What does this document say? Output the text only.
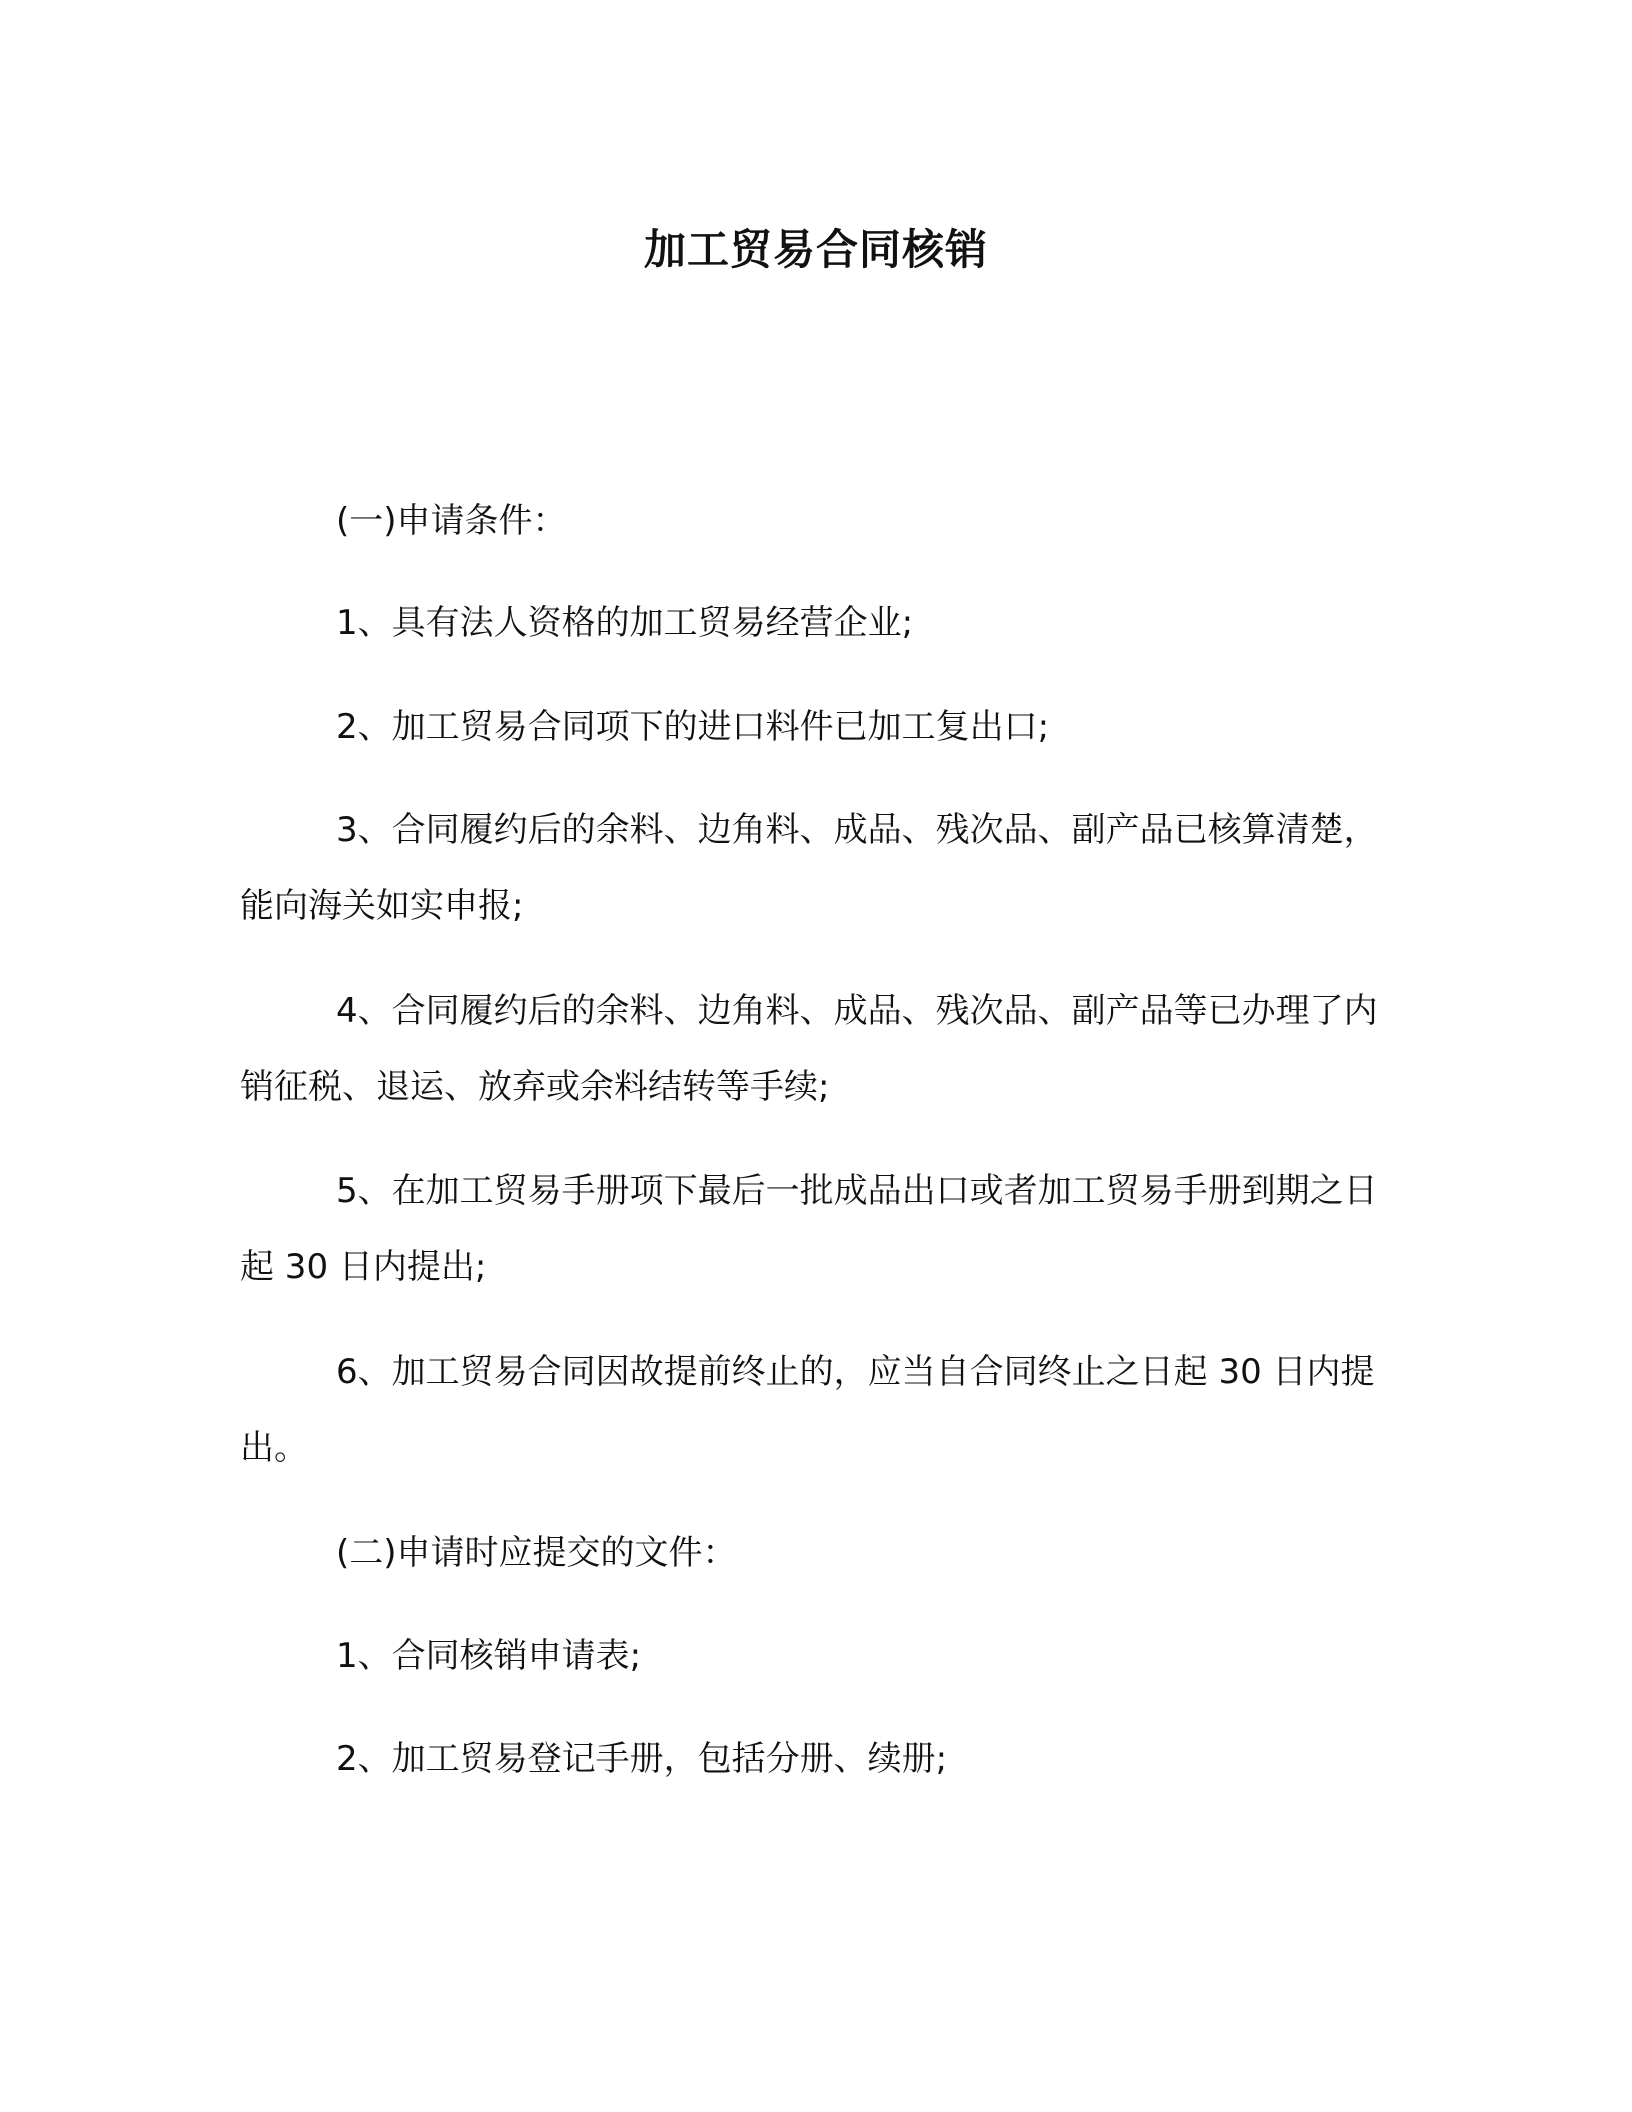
加工贸易合同核销

(一)申请条件：

1、具有法人资格的加工贸易经营企业;

2、加工贸易合同项下的进口料件已加工复出口;

3、合同履约后的余料、边角料、成品、残次品、副产品已核算清楚，能向海关如实申报;

4、合同履约后的余料、边角料、成品、残次品、副产品等已办理了内销征税、退运、放弃或余料结转等手续;

5、在加工贸易手册项下最后一批成品出口或者加工贸易手册到期之日起 30 日内提出;

6、加工贸易合同因故提前终止的，应当自合同终止之日起 30 日内提出。

(二)申请时应提交的文件：

1、合同核销申请表;

2、加工贸易登记手册，包括分册、续册;
